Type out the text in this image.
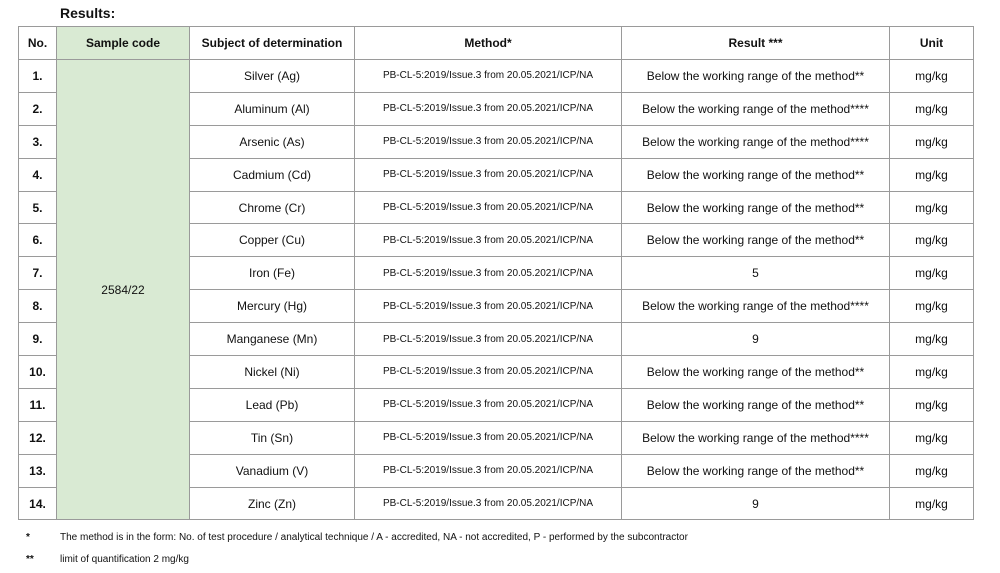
Results:
No.	Sample code	Subject of determination	Method*	Result ***	Unit
1.	2584/22	Silver (Ag)	PB-CL-5:2019/Issue.3 from 20.05.2021/ICP/NA	Below the working range of the method**	mg/kg
2.		Aluminum (Al)	PB-CL-5:2019/Issue.3 from 20.05.2021/ICP/NA	Below the working range of the method****	mg/kg
3.		Arsenic (As)	PB-CL-5:2019/Issue.3 from 20.05.2021/ICP/NA	Below the working range of the method****	mg/kg
4.		Cadmium (Cd)	PB-CL-5:2019/Issue.3 from 20.05.2021/ICP/NA	Below the working range of the method**	mg/kg
5.		Chrome (Cr)	PB-CL-5:2019/Issue.3 from 20.05.2021/ICP/NA	Below the working range of the method**	mg/kg
6.		Copper (Cu)	PB-CL-5:2019/Issue.3 from 20.05.2021/ICP/NA	Below the working range of the method**	mg/kg
7.		Iron (Fe)	PB-CL-5:2019/Issue.3 from 20.05.2021/ICP/NA	5	mg/kg
8.		Mercury (Hg)	PB-CL-5:2019/Issue.3 from 20.05.2021/ICP/NA	Below the working range of the method****	mg/kg
9.		Manganese (Mn)	PB-CL-5:2019/Issue.3 from 20.05.2021/ICP/NA	9	mg/kg
10.		Nickel (Ni)	PB-CL-5:2019/Issue.3 from 20.05.2021/ICP/NA	Below the working range of the method**	mg/kg
11.		Lead (Pb)	PB-CL-5:2019/Issue.3 from 20.05.2021/ICP/NA	Below the working range of the method**	mg/kg
12.		Tin (Sn)	PB-CL-5:2019/Issue.3 from 20.05.2021/ICP/NA	Below the working range of the method****	mg/kg
13.		Vanadium (V)	PB-CL-5:2019/Issue.3 from 20.05.2021/ICP/NA	Below the working range of the method**	mg/kg
14.		Zinc (Zn)	PB-CL-5:2019/Issue.3 from 20.05.2021/ICP/NA	9	mg/kg
*	The method is in the form: No. of test procedure / analytical technique / A - accredited, NA - not accredited, P - performed by the subcontractor
**	limit of quantification 2 mg/kg
